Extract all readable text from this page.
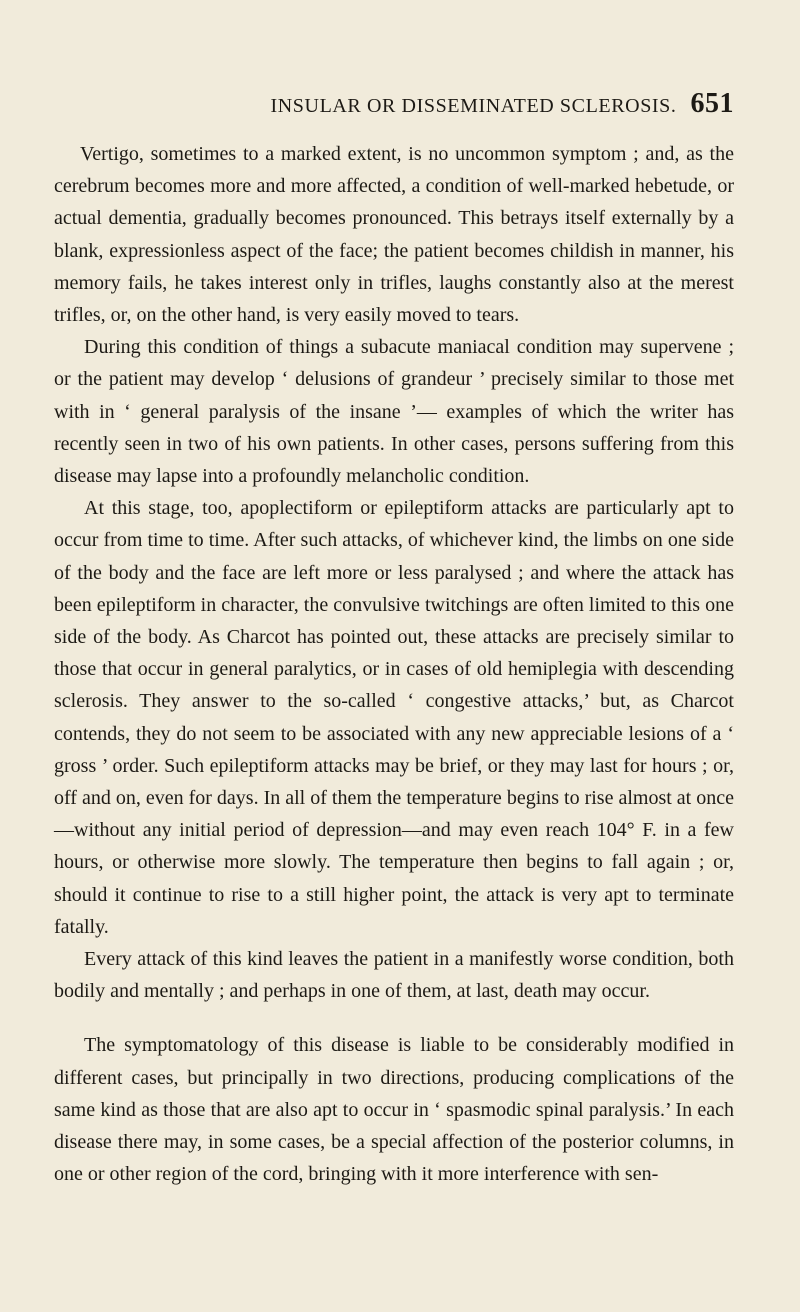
INSULAR OR DISSEMINATED SCLEROSIS. 651

Vertigo, sometimes to a marked extent, is no uncommon symptom ; and, as the cerebrum becomes more and more affected, a condition of well-marked hebetude, or actual dementia, gradually becomes pronounced. This betrays itself externally by a blank, expressionless aspect of the face; the patient becomes childish in manner, his memory fails, he takes interest only in trifles, laughs constantly also at the merest trifles, or, on the other hand, is very easily moved to tears.

During this condition of things a subacute maniacal condition may supervene ; or the patient may develop ‘ delusions of grandeur ’ precisely similar to those met with in ‘ general paralysis of the insane ’— examples of which the writer has recently seen in two of his own patients. In other cases, persons suffering from this disease may lapse into a profoundly melancholic condition.

At this stage, too, apoplectiform or epileptiform attacks are particularly apt to occur from time to time. After such attacks, of whichever kind, the limbs on one side of the body and the face are left more or less paralysed ; and where the attack has been epileptiform in character, the convulsive twitchings are often limited to this one side of the body. As Charcot has pointed out, these attacks are precisely similar to those that occur in general paralytics, or in cases of old hemiplegia with descending sclerosis. They answer to the so-called ‘ congestive attacks,’ but, as Charcot contends, they do not seem to be associated with any new appreciable lesions of a ‘ gross ’ order. Such epileptiform attacks may be brief, or they may last for hours ; or, off and on, even for days. In all of them the temperature begins to rise almost at once—without any initial period of depression—and may even reach 104° F. in a few hours, or otherwise more slowly. The temperature then begins to fall again ; or, should it continue to rise to a still higher point, the attack is very apt to terminate fatally.

Every attack of this kind leaves the patient in a manifestly worse condition, both bodily and mentally ; and perhaps in one of them, at last, death may occur.

The symptomatology of this disease is liable to be considerably modified in different cases, but principally in two directions, producing complications of the same kind as those that are also apt to occur in ‘ spasmodic spinal paralysis.’ In each disease there may, in some cases, be a special affection of the posterior columns, in one or other region of the cord, bringing with it more interference with sen-
